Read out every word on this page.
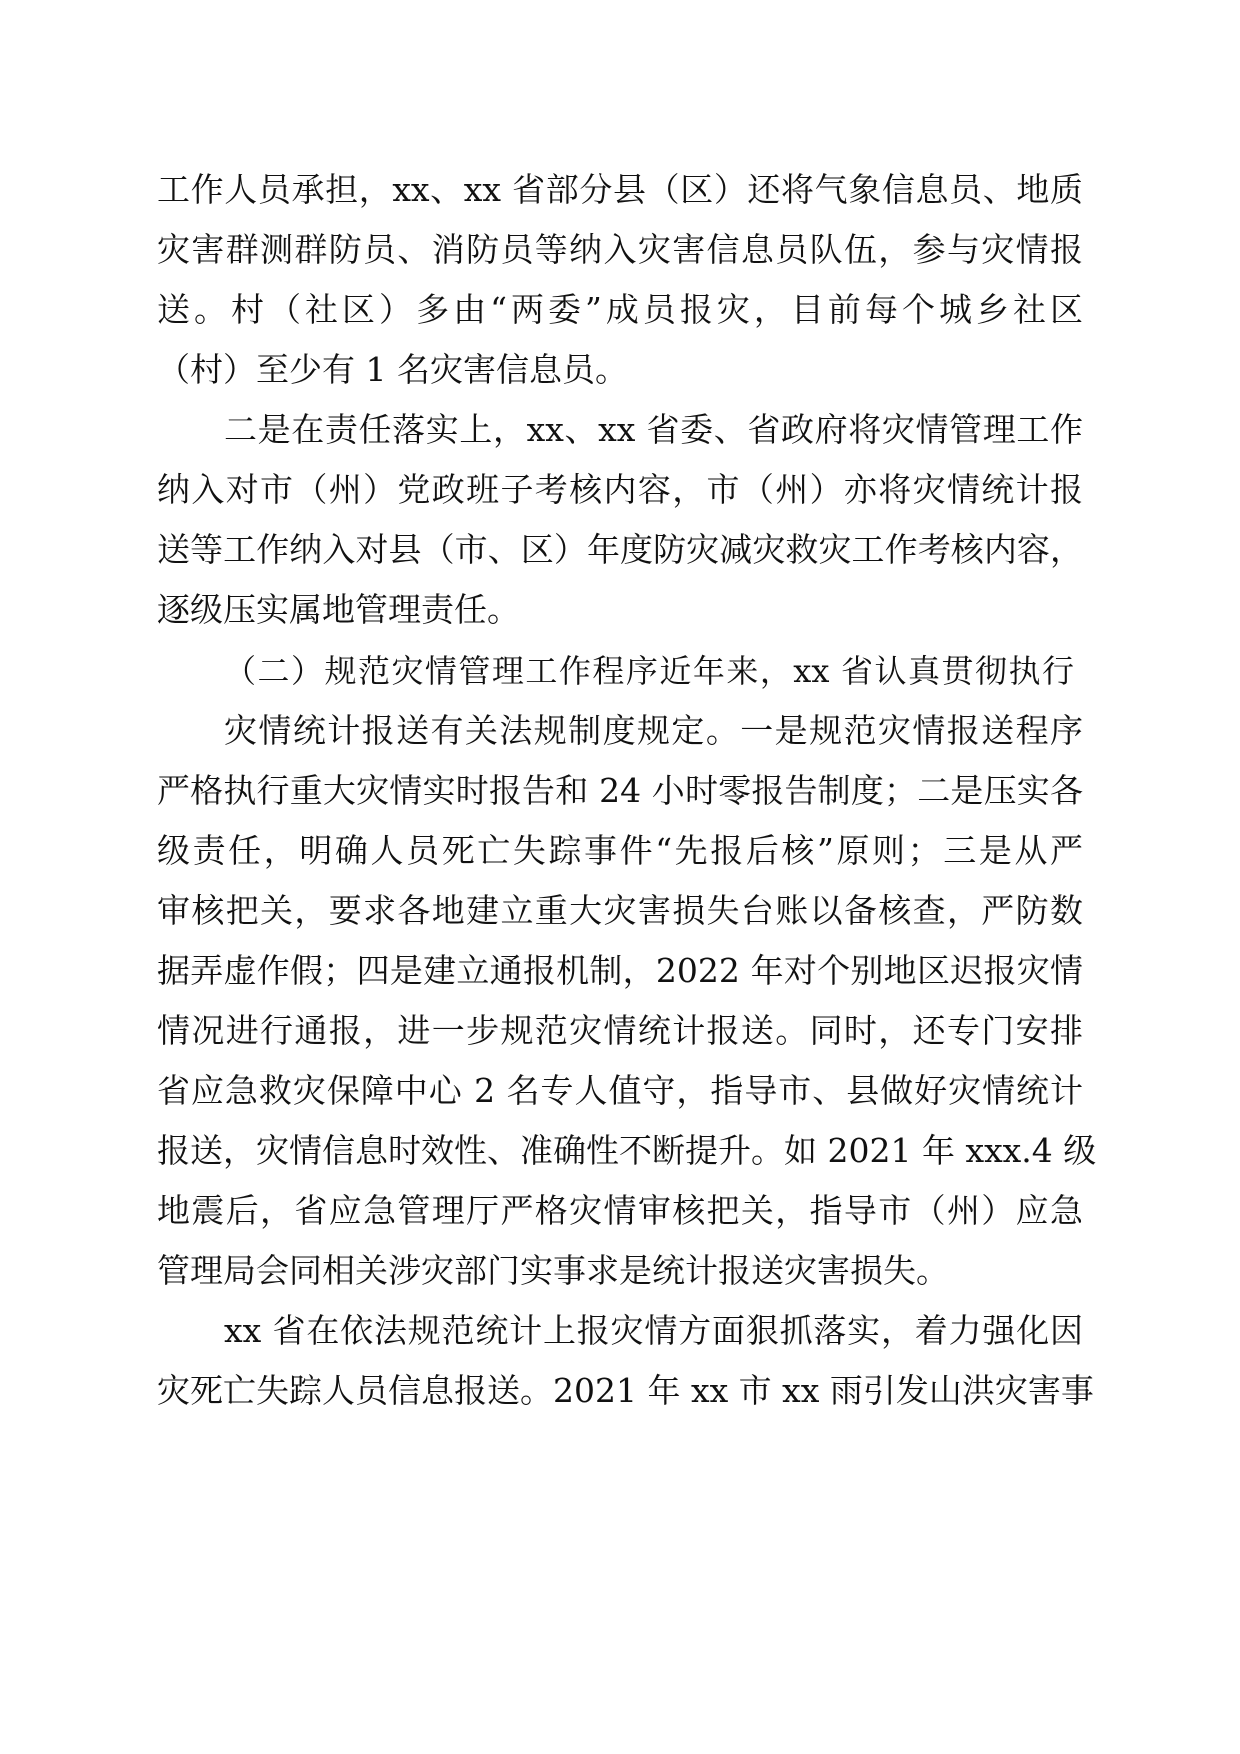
工作人员承担，xx、xx 省部分县（区）还将气象信息员、地质
灾害群测群防员、消防员等纳入灾害信息员队伍，参与灾情报
送。村（社区）多由“两委”成员报灾，目前每个城乡社区
（村）至少有 1 名灾害信息员。
二是在责任落实上，xx、xx 省委、省政府将灾情管理工作
纳入对市（州）党政班子考核内容，市（州）亦将灾情统计报
送等工作纳入对县（市、区）年度防灾减灾救灾工作考核内容，
逐级压实属地管理责任。
（二）规范灾情管理工作程序近年来，xx 省认真贯彻执行
灾情统计报送有关法规制度规定。一是规范灾情报送程序
严格执行重大灾情实时报告和 24 小时零报告制度；二是压实各
级责任，明确人员死亡失踪事件“先报后核”原则；三是从严
审核把关，要求各地建立重大灾害损失台账以备核查，严防数
据弄虚作假；四是建立通报机制，2022 年对个别地区迟报灾情
情况进行通报，进一步规范灾情统计报送。同时，还专门安排
省应急救灾保障中心 2 名专人值守，指导市、县做好灾情统计
报送，灾情信息时效性、准确性不断提升。如 2021 年 xxx.4 级
地震后，省应急管理厅严格灾情审核把关，指导市（州）应急
管理局会同相关涉灾部门实事求是统计报送灾害损失。
xx 省在依法规范统计上报灾情方面狠抓落实，着力强化因
灾死亡失踪人员信息报送。2021 年 xx 市 xx 雨引发山洪灾害事
